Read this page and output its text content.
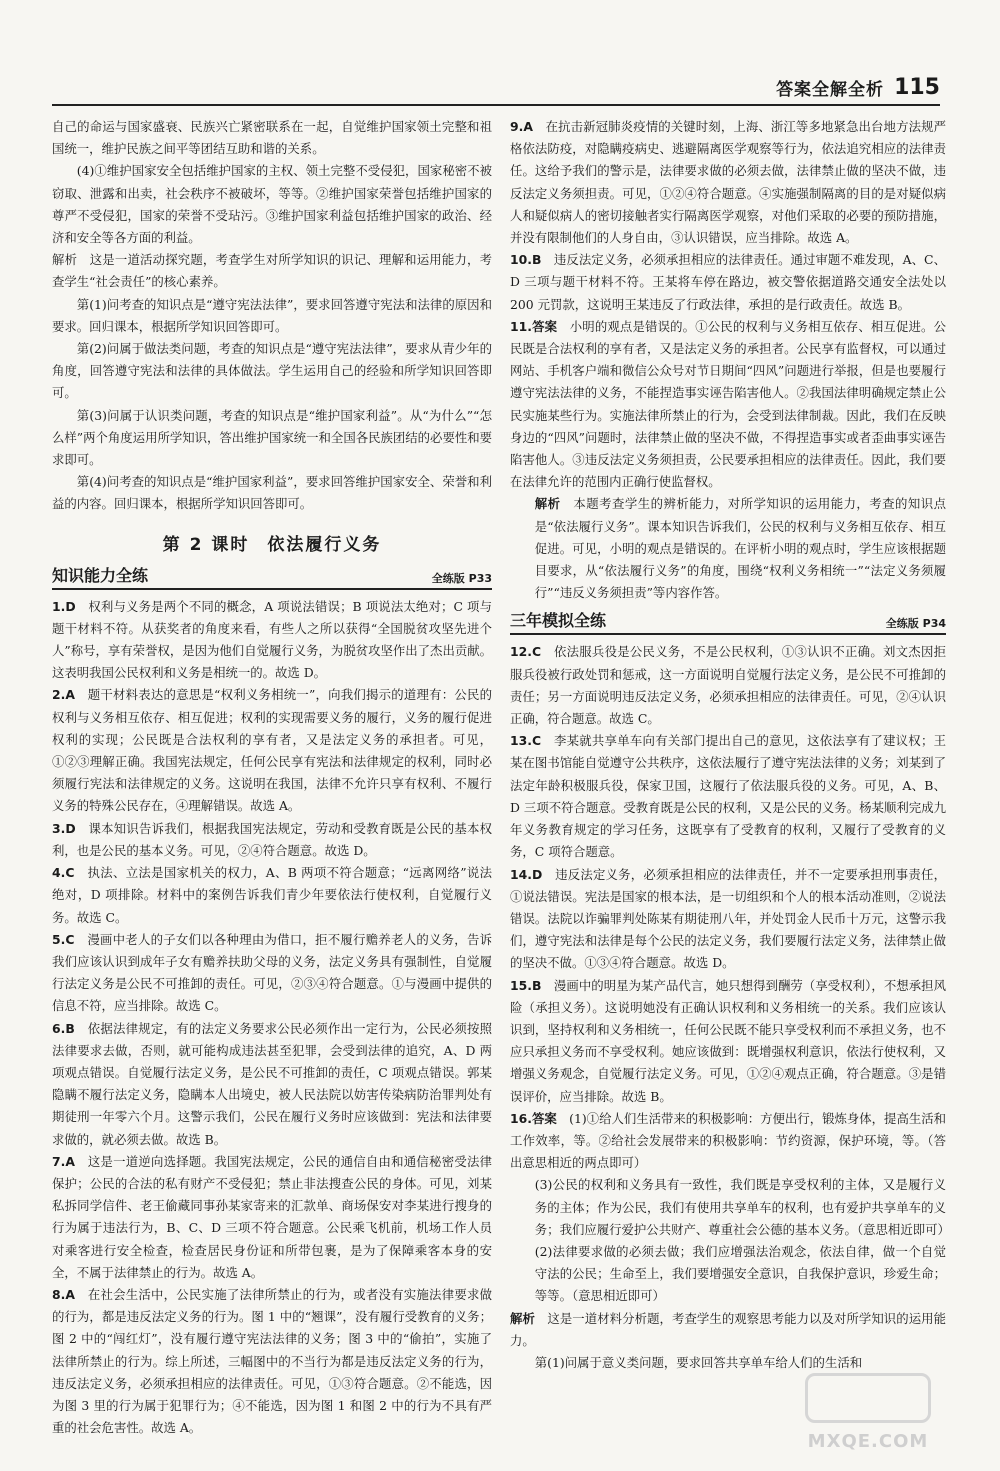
答案全解全析 115

自己的命运与国家盛衰、民族兴亡紧密联系在一起，自觉维护国家领土完整和祖国统一，维护民族之间平等团结互助和谐的关系。

(4)①维护国家安全包括维护国家的主权、领土完整不受侵犯，国家秘密不被窃取、泄露和出卖，社会秩序不被破坏，等等。②维护国家荣誉包括维护国家的尊严不受侵犯，国家的荣誉不受玷污。③维护国家利益包括维护国家的政治、经济和安全等各方面的利益。

解析　这是一道活动探究题，考查学生对所学知识的识记、理解和运用能力，考查学生“社会责任”的核心素养。

第(1)问考查的知识点是“遵守宪法法律”，要求回答遵守宪法和法律的原因和要求。回归课本，根据所学知识回答即可。

第(2)问属于做法类问题，考查的知识点是“遵守宪法法律”，要求从青少年的角度，回答遵守宪法和法律的具体做法。学生运用自己的经验和所学知识回答即可。

第(3)问属于认识类问题，考查的知识点是“维护国家利益”。从“为什么”“怎么样”两个角度运用所学知识，答出维护国家统一和全国各民族团结的必要性和要求即可。

第(4)问考查的知识点是“维护国家利益”，要求回答维护国家安全、荣誉和利益的内容。回归课本，根据所学知识回答即可。

第 2 课时 依法履行义务
知识能力全练	全练版 P33

1.D　 权利与义务是两个不同的概念，A 项说法错误；B 项说法太绝对；C 项与题干材料不符。从获奖者的角度来看，有些人之所以获得“全国脱贫攻坚先进个人”称号，享有荣誉权，是因为他们自觉履行义务，为脱贫攻坚作出了杰出贡献。这表明我国公民权利和义务是相统一的。故选 D。

2.A　 题干材料表达的意思是“权利义务相统一”，向我们揭示的道理有：公民的权利与义务相互依存、相互促进；权利的实现需要义务的履行，义务的履行促进权利的实现；公民既是合法权利的享有者，又是法定义务的承担者。可见，①②③理解正确。我国宪法规定，任何公民享有宪法和法律规定的权利，同时必须履行宪法和法律规定的义务。这说明在我国，法律不允许只享有权利、不履行义务的特殊公民存在，④理解错误。故选 A。

3.D　 课本知识告诉我们，根据我国宪法规定，劳动和受教育既是公民的基本权利，也是公民的基本义务。可见，②④符合题意。故选 D。

4.C　 执法、立法是国家机关的权力，A、B 两项不符合题意；“远离网络”说法绝对，D 项排除。材料中的案例告诉我们青少年要依法行使权利，自觉履行义务。故选 C。

5.C　 漫画中老人的子女们以各种理由为借口，拒不履行赡养老人的义务，告诉我们应该认识到成年子女有赡养扶助父母的义务，法定义务具有强制性，自觉履行法定义务是公民不可推卸的责任。可见，②③④符合题意。①与漫画中提供的信息不符，应当排除。故选 C。

6.B　 依据法律规定，有的法定义务要求公民必须作出一定行为，公民必须按照法律要求去做，否则，就可能构成违法甚至犯罪，会受到法律的追究，A、D 两项观点错误。自觉履行法定义务，是公民不可推卸的责任，C 项观点错误。郭某隐瞒不履行法定义务，隐瞒本人出境史，被人民法院以妨害传染病防治罪判处有期徒刑一年零六个月。这警示我们，公民在履行义务时应该做到：宪法和法律要求做的，就必须去做。故选 B。

7.A　 这是一道逆向选择题。我国宪法规定，公民的通信自由和通信秘密受法律保护；公民的合法的私有财产不受侵犯；禁止非法搜查公民的身体。可见，刘某私拆同学信件、老王偷藏同事孙某家寄来的汇款单、商场保安对李某进行搜身的行为属于违法行为，B、C、D 三项不符合题意。公民乘飞机前，机场工作人员对乘客进行安全检查，检查居民身份证和所带包裹，是为了保障乘客本身的安全，不属于法律禁止的行为。故选 A。

8.A　 在社会生活中，公民实施了法律所禁止的行为，或者没有实施法律要求做的行为，都是违反法定义务的行为。图 1 中的“翘课”，没有履行受教育的义务；图 2 中的“闯红灯”，没有履行遵守宪法法律的义务；图 3 中的“偷拍”，实施了法律所禁止的行为。综上所述，三幅图中的不当行为都是违反法定义务的行为，违反法定义务，必须承担相应的法律责任。可见，①③符合题意。②不能选，因为图 3 里的行为属于犯罪行为；④不能选，因为图 1 和图 2 中的行为不具有严重的社会危害性。故选 A。

9.A　 在抗击新冠肺炎疫情的关键时刻，上海、浙江等多地紧急出台地方法规严格依法防疫，对隐瞒疫病史、逃避隔离医学观察等行为，依法追究相应的法律责任。这给予我们的警示是，法律要求做的必须去做，法律禁止做的坚决不做，违反法定义务须担责。可见，①②④符合题意。④实施强制隔离的目的是对疑似病人和疑似病人的密切接触者实行隔离医学观察，对他们采取的必要的预防措施，并没有限制他们的人身自由，③认识错误，应当排除。故选 A。

10.B　 违反法定义务，必须承担相应的法律责任。通过审题不难发现，A、C、D 三项与题干材料不符。王某将车停在路边，被交警依据道路交通安全法处以 200 元罚款，这说明王某违反了行政法律，承担的是行政责任。故选 B。

11.答案　 小明的观点是错误的。①公民的权利与义务相互依存、相互促进。公民既是合法权利的享有者，又是法定义务的承担者。公民享有监督权，可以通过网站、手机客户端和微信公众号对节日期间“四风”问题进行举报，但是也要履行遵守宪法法律的义务，不能捏造事实诬告陷害他人。②我国法律明确规定禁止公民实施某些行为。实施法律所禁止的行为，会受到法律制裁。因此，我们在反映身边的“四风”问题时，法律禁止做的坚决不做，不得捏造事实或者歪曲事实诬告陷害他人。③违反法定义务须担责，公民要承担相应的法律责任。因此，我们要在法律允许的范围内正确行使监督权。

解析　 本题考查学生的辨析能力，对所学知识的运用能力，考查的知识点是“依法履行义务”。课本知识告诉我们，公民的权利与义务相互依存、相互促进。可见，小明的观点是错误的。在评析小明的观点时，学生应该根据题目要求，从“依法履行义务”的角度，围绕“权利义务相统一”“法定义务须履行”“违反义务须担责”等内容作答。

三年模拟全练	全练版 P34

12.C　 依法服兵役是公民义务，不是公民权利，①③认识不正确。刘文杰因拒服兵役被行政处罚和惩戒，这一方面说明自觉履行法定义务，是公民不可推卸的责任；另一方面说明违反法定义务，必须承担相应的法律责任。可见，②④认识正确，符合题意。故选 C。

13.C　 李某就共享单车向有关部门提出自己的意见，这依法享有了建议权；王某在图书馆能自觉遵守公共秩序，这依法履行了遵守宪法法律的义务；刘某到了法定年龄积极服兵役，保家卫国，这履行了依法服兵役的义务。可见，A、B、D 三项不符合题意。受教育既是公民的权利，又是公民的义务。杨某顺利完成九年义务教育规定的学习任务，这既享有了受教育的权利，又履行了受教育的义务，C 项符合题意。

14.D　 违反法定义务，必须承担相应的法律责任，并不一定要承担刑事责任，①说法错误。宪法是国家的根本法，是一切组织和个人的根本活动准则，②说法错误。法院以诈骗罪判处陈某有期徒刑八年，并处罚金人民币十万元，这警示我们，遵守宪法和法律是每个公民的法定义务，我们要履行法定义务，法律禁止做的坚决不做。①③④符合题意。故选 D。

15.B　 漫画中的明星为某产品代言，她只想得到酬劳（享受权利），不想承担风险（承担义务）。这说明她没有正确认识权利和义务相统一的关系。我们应该认识到，坚持权利和义务相统一，任何公民既不能只享受权利而不承担义务，也不应只承担义务而不享受权利。她应该做到：既增强权利意识，依法行使权利，又增强义务观念，自觉履行法定义务。可见，①②④观点正确，符合题意。③是错误评价，应当排除。故选 B。

16.答案　 (1)①给人们生活带来的积极影响：方便出行，锻炼身体，提高生活和工作效率，等。②给社会发展带来的积极影响：节约资源，保护环境，等。（答出意思相近的两点即可）

(3)公民的权利和义务具有一致性，我们既是享受权利的主体，又是履行义务的主体；作为公民，我们有使用共享单车的权利，也有爱护共享单车的义务；我们应履行爱护公共财产、尊重社会公德的基本义务。（意思相近即可）

(2)法律要求做的必须去做；我们应增强法治观念，依法自律，做一个自觉守法的公民；生命至上，我们要增强安全意识，自我保护意识，珍爱生命；等等。（意思相近即可）

解析　 这是一道材料分析题，考查学生的观察思考能力以及对所学知识的运用能力。

第(1)问属于意义类问题，要求回答共享单车给人们的生活和

MXQE.COM
